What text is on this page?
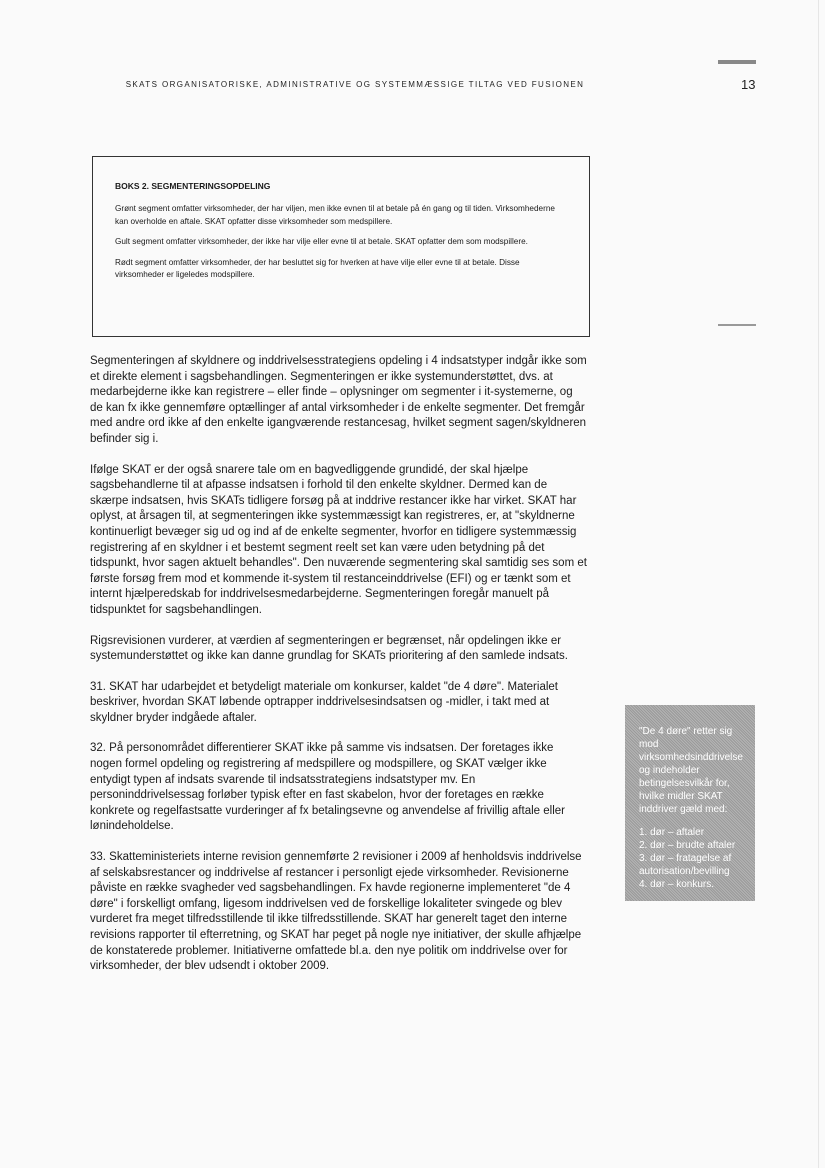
SKATS ORGANISATORISKE, ADMINISTRATIVE OG SYSTEMMÆSSIGE TILTAG VED FUSIONEN	13
BOKS 2. SEGMENTERINGSOPDELING

Grønt segment omfatter virksomheder, der har viljen, men ikke evnen til at betale på én gang og til tiden. Virksomhederne kan overholde en aftale. SKAT opfatter disse virksomheder som medspillere.

Gult segment omfatter virksomheder, der ikke har vilje eller evne til at betale. SKAT opfatter dem som modspillere.

Rødt segment omfatter virksomheder, der har besluttet sig for hverken at have vilje eller evne til at betale. Disse virksomheder er ligeledes modspillere.

Segmenteringen af skyldnere og inddrivelsesstrategiens opdeling i 4 indsatstyper indgår ikke som et direkte element i sagsbehandlingen. Segmenteringen er ikke systemunderstøttet, dvs. at medarbejderne ikke kan registrere – eller finde – oplysninger om segmenter i it-systemerne, og de kan fx ikke gennemføre optællinger af antal virksomheder i de enkelte segmenter. Det fremgår med andre ord ikke af den enkelte igangværende restancesag, hvilket segment sagen/skyldneren befinder sig i.

Ifølge SKAT er der også snarere tale om en bagvedliggende grundidé, der skal hjælpe sagsbehandlerne til at afpasse indsatsen i forhold til den enkelte skyldner. Dermed kan de skærpe indsatsen, hvis SKATs tidligere forsøg på at inddrive restancer ikke har virket. SKAT har oplyst, at årsagen til, at segmenteringen ikke systemmæssigt kan registreres, er, at "skyldnerne kontinuerligt bevæger sig ud og ind af de enkelte segmenter, hvorfor en tidligere systemmæssig registrering af en skyldner i et bestemt segment reelt set kan være uden betydning på det tidspunkt, hvor sagen aktuelt behandles". Den nuværende segmentering skal samtidig ses som et første forsøg frem mod et kommende it-system til restanceinddrivelse (EFI) og er tænkt som et internt hjælperedskab for inddrivelsesmedarbejderne. Segmenteringen foregår manuelt på tidspunktet for sagsbehandlingen.

Rigsrevisionen vurderer, at værdien af segmenteringen er begrænset, når opdelingen ikke er systemunderstøttet og ikke kan danne grundlag for SKATs prioritering af den samlede indsats.

31. SKAT har udarbejdet et betydeligt materiale om konkurser, kaldet "de 4 døre". Materialet beskriver, hvordan SKAT løbende optrapper inddrivelsesindsatsen og -midler, i takt med at skyldner bryder indgåede aftaler.

32. På personområdet differentierer SKAT ikke på samme vis indsatsen. Der foretages ikke nogen formel opdeling og registrering af medspillere og modspillere, og SKAT vælger ikke entydigt typen af indsats svarende til indsatsstrategiens indsatstyper mv. En personinddrivelsessag forløber typisk efter en fast skabelon, hvor der foretages en række konkrete og regelfastsatte vurderinger af fx betalingsevne og anvendelse af frivillig aftale eller lønindeholdelse.

33. Skatteministeriets interne revision gennemførte 2 revisioner i 2009 af henholdsvis inddrivelse af selskabsrestancer og inddrivelse af restancer i personligt ejede virksomheder. Revisionerne påviste en række svagheder ved sagsbehandlingen. Fx havde regionerne implementeret "de 4 døre" i forskelligt omfang, ligesom inddrivelsen ved de forskellige lokaliteter svingede og blev vurderet fra meget tilfredsstillende til ikke tilfredsstillende. SKAT har generelt taget den interne revisions rapporter til efterretning, og SKAT har peget på nogle nye initiativer, der skulle afhjælpe de konstaterede problemer. Initiativerne omfattede bl.a. den nye politik om inddrivelse over for virksomheder, der blev udsendt i oktober 2009.

"De 4 døre" retter sig mod virksomhedsinddrivelse og indeholder betingelsesvilkår for, hvilke midler SKAT inddriver gæld med:
1. dør – aftaler
2. dør – brudte aftaler
3. dør – fratagelse af autorisation/bevilling
4. dør – konkurs.
